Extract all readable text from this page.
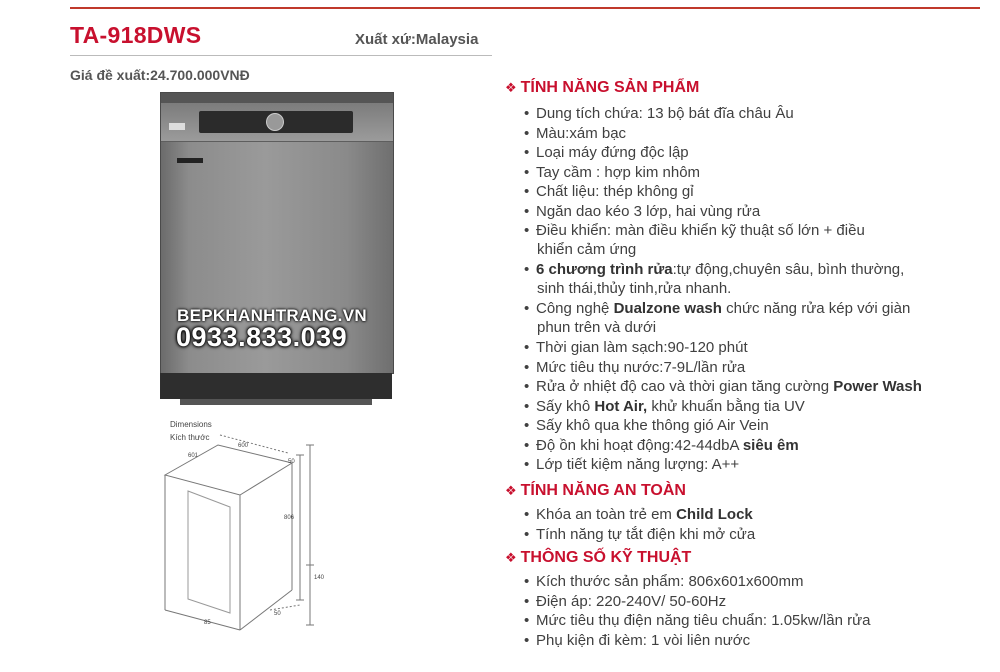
TA-918DWS	Xuất xứ:Malaysia
Giá đề xuất:24.700.000VNĐ
BEPKHANHTRANG.VN
0933.833.039
Dimensions
Kích thước
600
601
50
806
140
50
85
❖ TÍNH NĂNG SẢN PHẨM
• Dung tích chứa: 13 bộ bát đĩa châu Âu
• Màu:xám bạc
• Loại máy đứng độc lập
• Tay cầm : hợp kim nhôm
• Chất liệu: thép không gỉ
• Ngăn dao kéo 3 lớp, hai vùng rửa
• Điều khiển: màn điều khiển kỹ thuật số lớn + điều
khiển cảm ứng
• 6 chương trình rửa:tự động,chuyên sâu, bình thường,
sinh thái,thủy tinh,rửa nhanh.
• Công nghệ Dualzone wash chức năng rửa kép với giàn
phun trên và dưới
• Thời gian làm sạch:90-120 phút
• Mức tiêu thụ nước:7-9L/lần rửa
• Rửa ở nhiệt độ cao và thời gian tăng cường Power Wash
• Sấy khô Hot Air, khử khuẩn bằng tia UV
• Sấy khô qua khe thông gió Air Vein
• Độ ồn khi hoạt động:42-44dbA siêu êm
• Lớp tiết kiệm năng lượng: A++
❖ TÍNH NĂNG AN TOÀN
• Khóa an toàn trẻ em Child Lock
• Tính năng tự tắt điện khi mở cửa
❖ THÔNG SỐ KỸ THUẬT
• Kích thước sản phẩm: 806x601x600mm
• Điện áp: 220-240V/ 50-60Hz
• Mức tiêu thụ điện năng tiêu chuẩn: 1.05kw/lần rửa
• Phụ kiện đi kèm: 1 vòi liên nước
